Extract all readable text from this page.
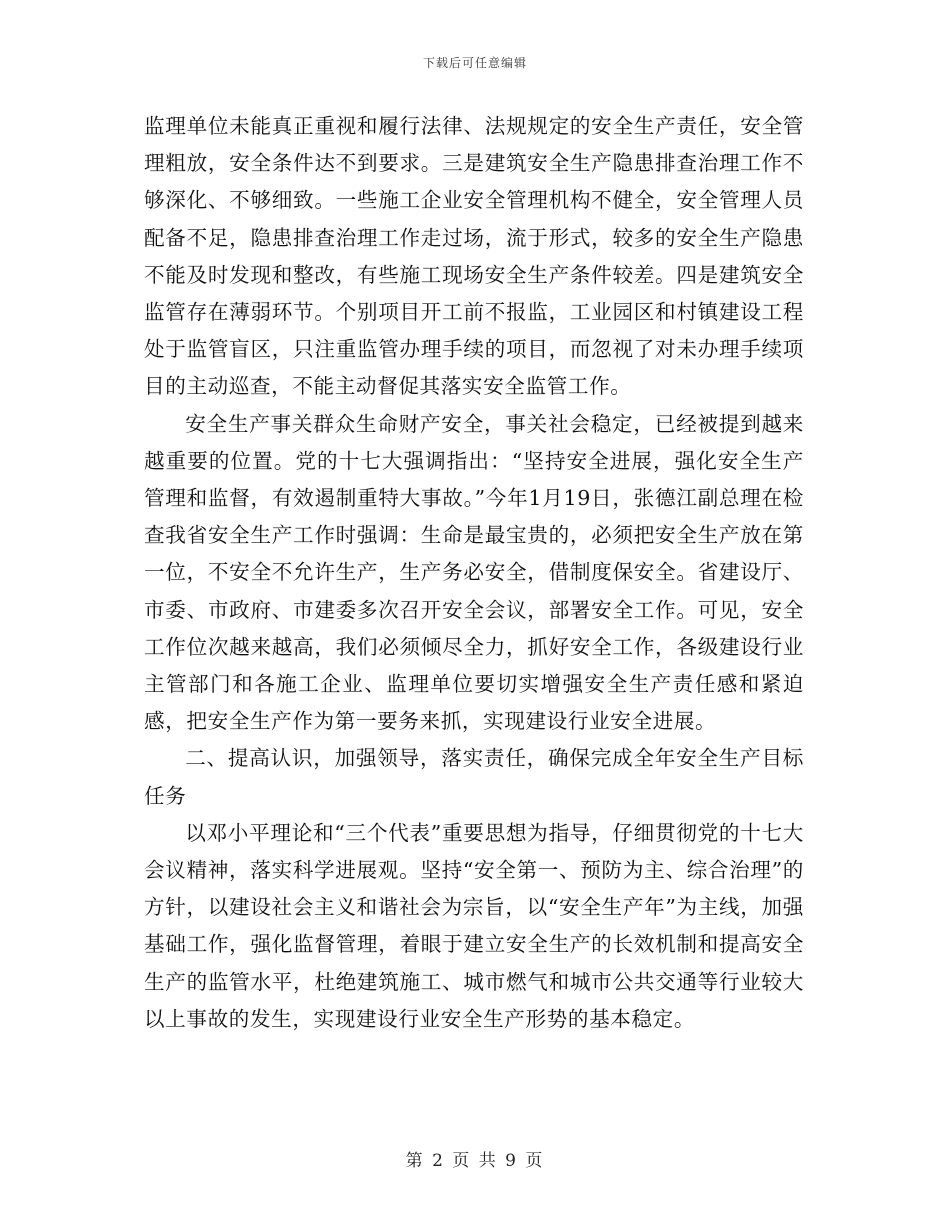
下载后可任意编辑

监理单位未能真正重视和履行法律、法规规定的安全生产责任，安全管理粗放，安全条件达不到要求。三是建筑安全生产隐患排查治理工作不够深化、不够细致。一些施工企业安全管理机构不健全，安全管理人员配备不足，隐患排查治理工作走过场，流于形式，较多的安全生产隐患不能及时发现和整改，有些施工现场安全生产条件较差。四是建筑安全监管存在薄弱环节。个别项目开工前不报监，工业园区和村镇建设工程处于监管盲区，只注重监管办理手续的项目，而忽视了对未办理手续项目的主动巡查，不能主动督促其落实安全监管工作。

安全生产事关群众生命财产安全，事关社会稳定，已经被提到越来越重要的位置。党的十七大强调指出：“坚持安全进展，强化安全生产管理和监督，有效遏制重特大事故。”今年1月19日，张德江副总理在检查我省安全生产工作时强调：生命是最宝贵的，必须把安全生产放在第一位，不安全不允许生产，生产务必安全，借制度保安全。省建设厅、市委、市政府、市建委多次召开安全会议，部署安全工作。可见，安全工作位次越来越高，我们必须倾尽全力，抓好安全工作，各级建设行业主管部门和各施工企业、监理单位要切实增强安全生产责任感和紧迫感，把安全生产作为第一要务来抓，实现建设行业安全进展。

二、提高认识，加强领导，落实责任，确保完成全年安全生产目标任务

以邓小平理论和“三个代表”重要思想为指导，仔细贯彻党的十七大会议精神，落实科学进展观。坚持“安全第一、预防为主、综合治理”的方针，以建设社会主义和谐社会为宗旨，以“安全生产年”为主线，加强基础工作，强化监督管理，着眼于建立安全生产的长效机制和提高安全生产的监管水平，杜绝建筑施工、城市燃气和城市公共交通等行业较大以上事故的发生，实现建设行业安全生产形势的基本稳定。

第 2 页 共 9 页
